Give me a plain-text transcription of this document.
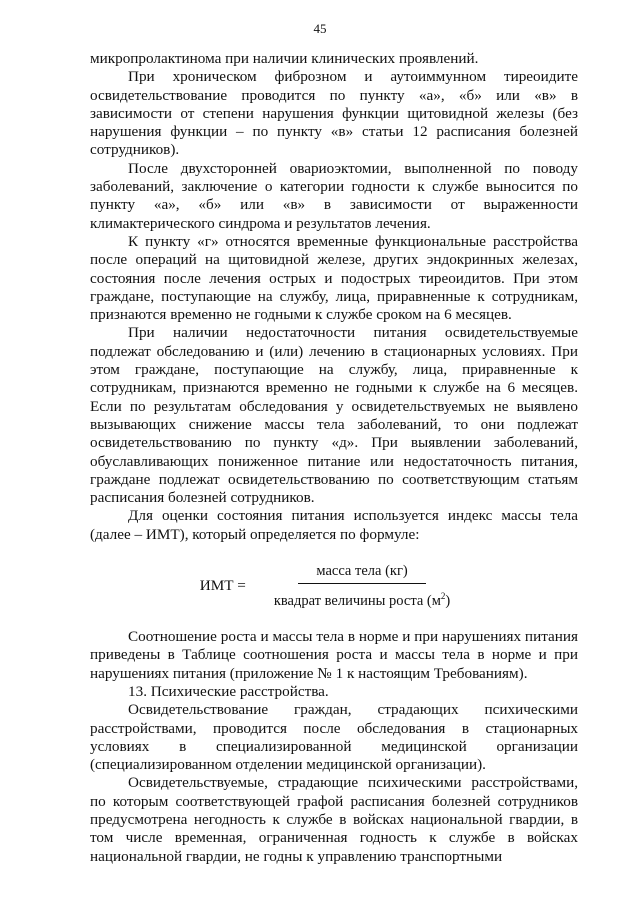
45

микропролактинома при наличии клинических проявлений.

При хроническом фиброзном и аутоиммунном тиреоидите освидетельствование проводится по пункту «а», «б» или «в» в зависимости от степени нарушения функции щитовидной железы (без нарушения функции – по пункту «в» статьи 12 расписания болезней сотрудников).

После двухсторонней овариоэктомии, выполненной по поводу заболеваний, заключение о категории годности к службе выносится по пункту «а», «б» или «в» в зависимости от выраженности климактерического синдрома и результатов лечения.

К пункту «г» относятся временные функциональные расстройства после операций на щитовидной железе, других эндокринных железах, состояния после лечения острых и подострых тиреоидитов. При этом граждане, поступающие на службу, лица, приравненные к сотрудникам, признаются временно не годными к службе сроком на 6 месяцев.

При наличии недостаточности питания освидетельствуемые подлежат обследованию и (или) лечению в стационарных условиях. При этом граждане, поступающие на службу, лица, приравненные к сотрудникам, признаются временно не годными к службе на 6 месяцев. Если по результатам обследования у освидетельствуемых не выявлено вызывающих снижение массы тела заболеваний, то они подлежат освидетельствованию по пункту «д». При выявлении заболеваний, обуславливающих пониженное питание или недостаточность питания, граждане подлежат освидетельствованию по соответствующим статьям расписания болезней сотрудников.

Для оценки состояния питания используется индекс массы тела (далее – ИМТ), который определяется по формуле:

ИМТ = $\frac{\text{масса тела (кг)}}{квадрат величины роста (м^2)}$

Соотношение роста и массы тела в норме и при нарушениях питания приведены в Таблице соотношения роста и массы тела в норме и при нарушениях питания (приложение № 1 к настоящим Требованиям).

13. Психические расстройства.

Освидетельствование граждан, страдающих психическими расстройствами, проводится после обследования в стационарных условиях в специализированной медицинской организации (специализированном отделении медицинской организации).

Освидетельствуемые, страдающие психическими расстройствами, по которым соответствующей графой расписания болезней сотрудников предусмотрена негодность к службе в войсках национальной гвардии, в том числе временная, ограниченная годность к службе в войсках национальной гвардии, не годны к управлению транспортными
